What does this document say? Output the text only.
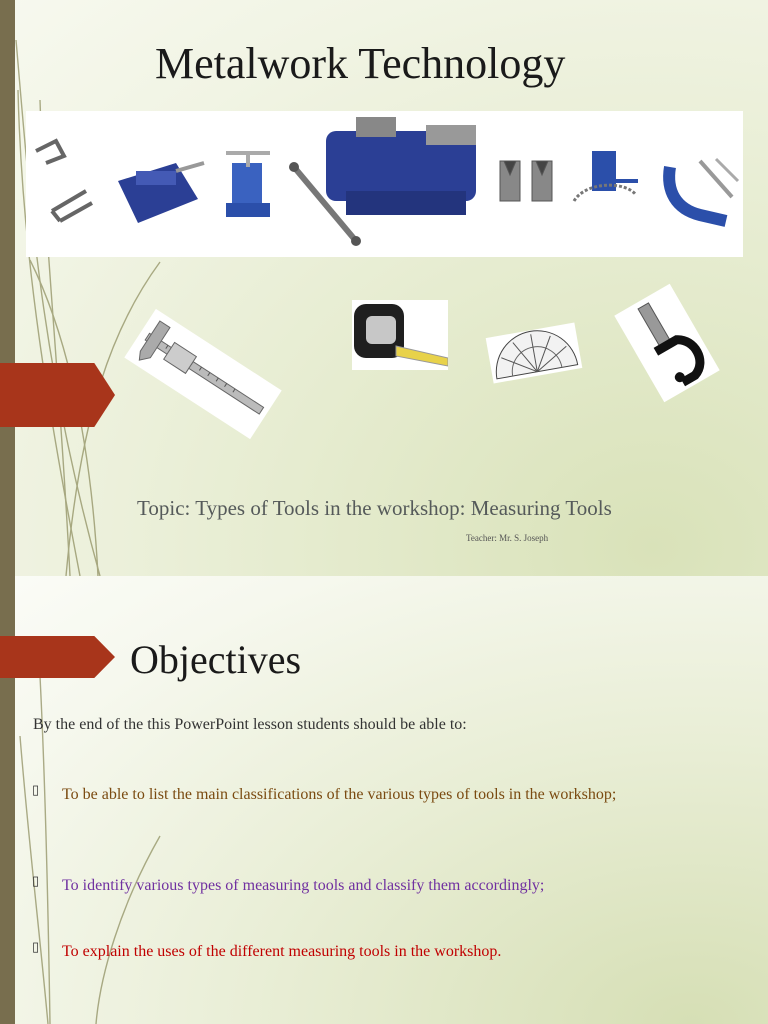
Metalwork Technology
Topic: Types of Tools in the workshop: Measuring Tools
Teacher: Mr. S. Joseph
Objectives
By the end of the this PowerPoint lesson students should be able to:
▯ To be able to list the main classifications of the various types of tools in the workshop;
▯ To identify various types of measuring tools and classify them accordingly;
▯ To explain the uses of the different measuring tools in the workshop.
